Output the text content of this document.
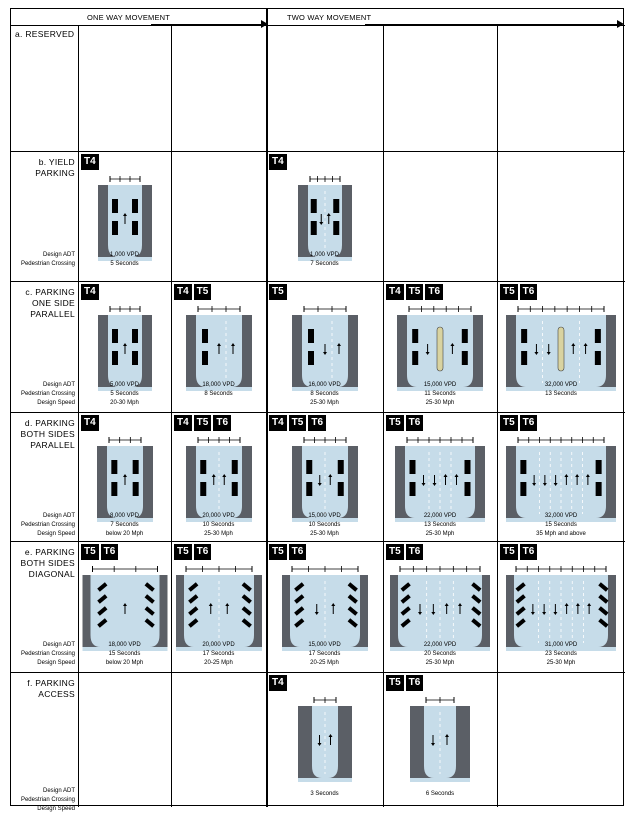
ONE WAY MOVEMENT	TWO WAY MOVEMENT
a. RESERVED
b. YIELD
PARKING
Design ADT
Pedestrian Crossing
T4
1,000 VPD
5 Seconds
T4
1,000 VPD
7 Seconds
c. PARKING
ONE SIDE
PARALLEL
Design ADT
Pedestrian Crossing
Design Speed
T4
5,000 VPD
5 Seconds
20-30 Mph
T4 T5
18,000 VPD
8 Seconds
T5
16,000 VPD
8 Seconds
25-30 Mph
T4 T5 T6
15,000 VPD
11 Seconds
25-30 Mph
T5 T6
32,000 VPD
13 Seconds
d. PARKING
BOTH SIDES
PARALLEL
Design ADT
Pedestrian Crossing
Design Speed
T4
8,000 VPD
7 Seconds
below 20 Mph
T4 T5 T6
20,000 VPD
10 Seconds
25-30 Mph
T4 T5 T6
15,000 VPD
10 Seconds
25-30 Mph
T5 T6
22,000 VPD
13 Seconds
25-30 Mph
T5 T6
32,000 VPD
15 Seconds
35 Mph and above
e. PARKING
BOTH SIDES
DIAGONAL
Design ADT
Pedestrian Crossing
Design Speed
T5 T6
18,000 VPD
15 Seconds
below 20 Mph
T5 T6
20,000 VPD
17 Seconds
20-25 Mph
T5 T6
15,000 VPD
17 Seconds
20-25 Mph
T5 T6
22,000 VPD
20 Seconds
25-30 Mph
T5 T6
31,000 VPD
23 Seconds
25-30 Mph
f. PARKING
ACCESS
Design ADT
Pedestrian Crossing
Design Speed
T4
3 Seconds
T5 T6
6 Seconds
